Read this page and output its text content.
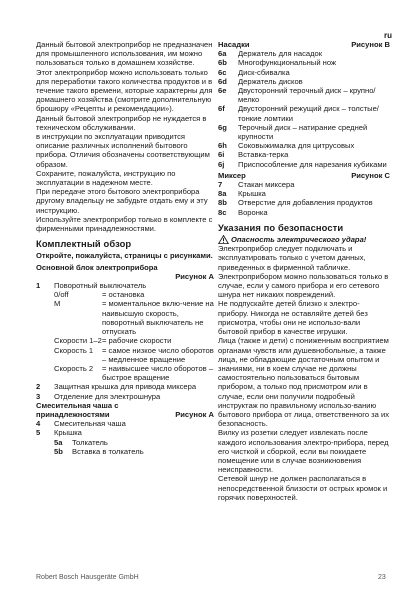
ru

Данный бытовой электроприбор не предназначен для промышленного использования, им можно пользоваться только в домашнем хозяйстве.

Этот электроприбор можно использовать только для переработки такого количества продуктов и в течение такого времени, которые характерны для домашнего хозяйства (смотрите дополнительную брошюру «Рецепты и рекомендации»).

Данный бытовой электроприбор не нуждается в техническом обслуживании.

в инструкции по эксплуатации приводится описание различных исполнений бытового прибора. Отличия обозначены соответствующим образом.

Сохраните, пожалуйста, инструкцию по эксплуатации в надежном месте.

При передаче этого бытового электроприбора другому владельцу не забудьте отдать ему и эту инструкцию.

Используйте электроприбор только в комплекте с фирменными принадлежностями.

Комплектный обзор

Откройте, пожалуйста, страницы с рисунками.

Основной блок электроприбора
Рисунок A
1	Поворотный выключатель
0/off	= остановка
M	= моментальное вклю-чение на наивысшую скорость, поворотный выключатель не отпускать
Скорости 1–2 = рабочие скорости
Скорость 1	= самое низкое число оборотов – медленное вращение
Скорость 2	= наивысшее число оборотов – быстрое вращение
2	Защитная крышка для привода миксера
3	Отделение для электрошнура
Смесительная чаша с принадлежностями	Рисунок A
4	Смесительная чаша
5	Крышка
5a	Толкатель
5b	Вставка в толкатель
Насадки	Рисунок B
6a	Держатель для насадок
6b	Многофункциональный нож
6c	Диск-сбивалка
6d	Держатель дисков
6e	Двусторонний терочный диск – крупно/мелко
6f	Двусторонний режущий диск – толстые/тонкие ломтики
6g	Терочный диск – натирание средней крупности
6h	Соковыжималка для цитрусовых
6i	Вставка-терка
6j	Приспособление для нарезания кубиками
Миксер	Рисунок C
7	Стакан миксера
8a	Крышка
8b	Отверстие для добавления продуктов
8c	Воронка
Указания по безопасности
Опасность электрического удара!

Электроприбор следует подключать и эксплуатировать только с учетом данных, приведенных в фирменной табличке.

Электроприбором можно пользоваться только в случае, если у самого прибора и его сетевого шнура нет никаких повреждений.

Не подпускайте детей близко к электро-прибору. Никогда не оставляйте детей без присмотра, чтобы они не использо-вали бытовой прибор в качестве игрушки.

Лица (также и дети) с пониженным восприятием органами чувств или душевнобольные, а также лица, не обладающие достаточным опытом и знаниями, ни в коем случае не должны самостоятельно пользоваться бытовым прибором, а только под присмотром или в случае, если они получили подробный инструктаж по правильному использо-ванию бытового прибора от лица, ответственного за их безопасность.

Вилку из розетки следует извлекать после каждого использования электро-прибора, перед его чисткой и сборкой, если вы покидаете помещение или в случае возникновения неисправности.

Сетевой шнур не должен располагаться в непосредственной близости от острых кромок и горячих поверхностей.

Robert Bosch Hausgeräte GmbH	23
